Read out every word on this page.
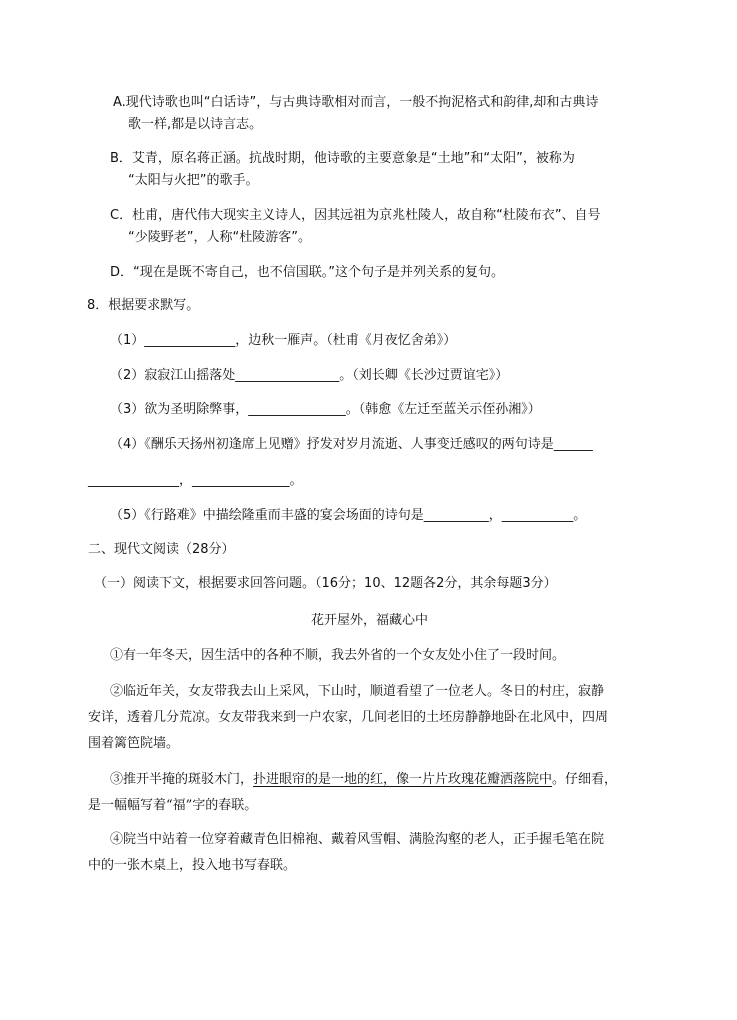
A.现代诗歌也叫“白话诗”，与古典诗歌相对而言，一般不拘泥格式和韵律,却和古典诗
歌一样,都是以诗言志。
B．艾青，原名蒋正涵。抗战时期，他诗歌的主要意象是“土地”和“太阳”，被称为
“太阳与火把”的歌手。
C．杜甫，唐代伟大现实主义诗人，因其远祖为京兆杜陵人，故自称“杜陵布衣”、自号
“少陵野老”，人称“杜陵游客”。
D．“现在是既不寄自己，也不信国联。”这个句子是并列关系的复句。
8．根据要求默写。
（1）______________，边秋一雁声。（杜甫《月夜忆舍弟》）
（2）寂寂江山摇落处________________。（刘长卿《长沙过贾谊宅》）
（3）欲为圣明除弊事，_______________。（韩愈《左迁至蓝关示侄孙湘》）
（4）《酬乐天扬州初逢席上见赠》抒发对岁月流逝、人事变迁感叹的两句诗是______
______________，_______________。
（5）《行路难》中描绘隆重而丰盛的宴会场面的诗句是__________，___________。
二、现代文阅读（28分）
（一）阅读下文，根据要求回答问题。（16分；10、12题各2分，其余每题3分）
花开屋外，福藏心中
①有一年冬天，因生活中的各种不顺，我去外省的一个女友处小住了一段时间。
②临近年关，女友带我去山上采风，下山时，顺道看望了一位老人。冬日的村庄，寂静
安详，透着几分荒凉。女友带我来到一户农家，几间老旧的土坯房静静地卧在北风中，四周
围着篱笆院墙。
③推开半掩的斑驳木门，扑进眼帘的是一地的红，像一片片玫瑰花瓣洒落院中。仔细看，
是一幅幅写着“福”字的春联。
④院当中站着一位穿着藏青色旧棉袍、戴着风雪帽、满脸沟壑的老人，正手握毛笔在院
中的一张木桌上，投入地书写春联。
